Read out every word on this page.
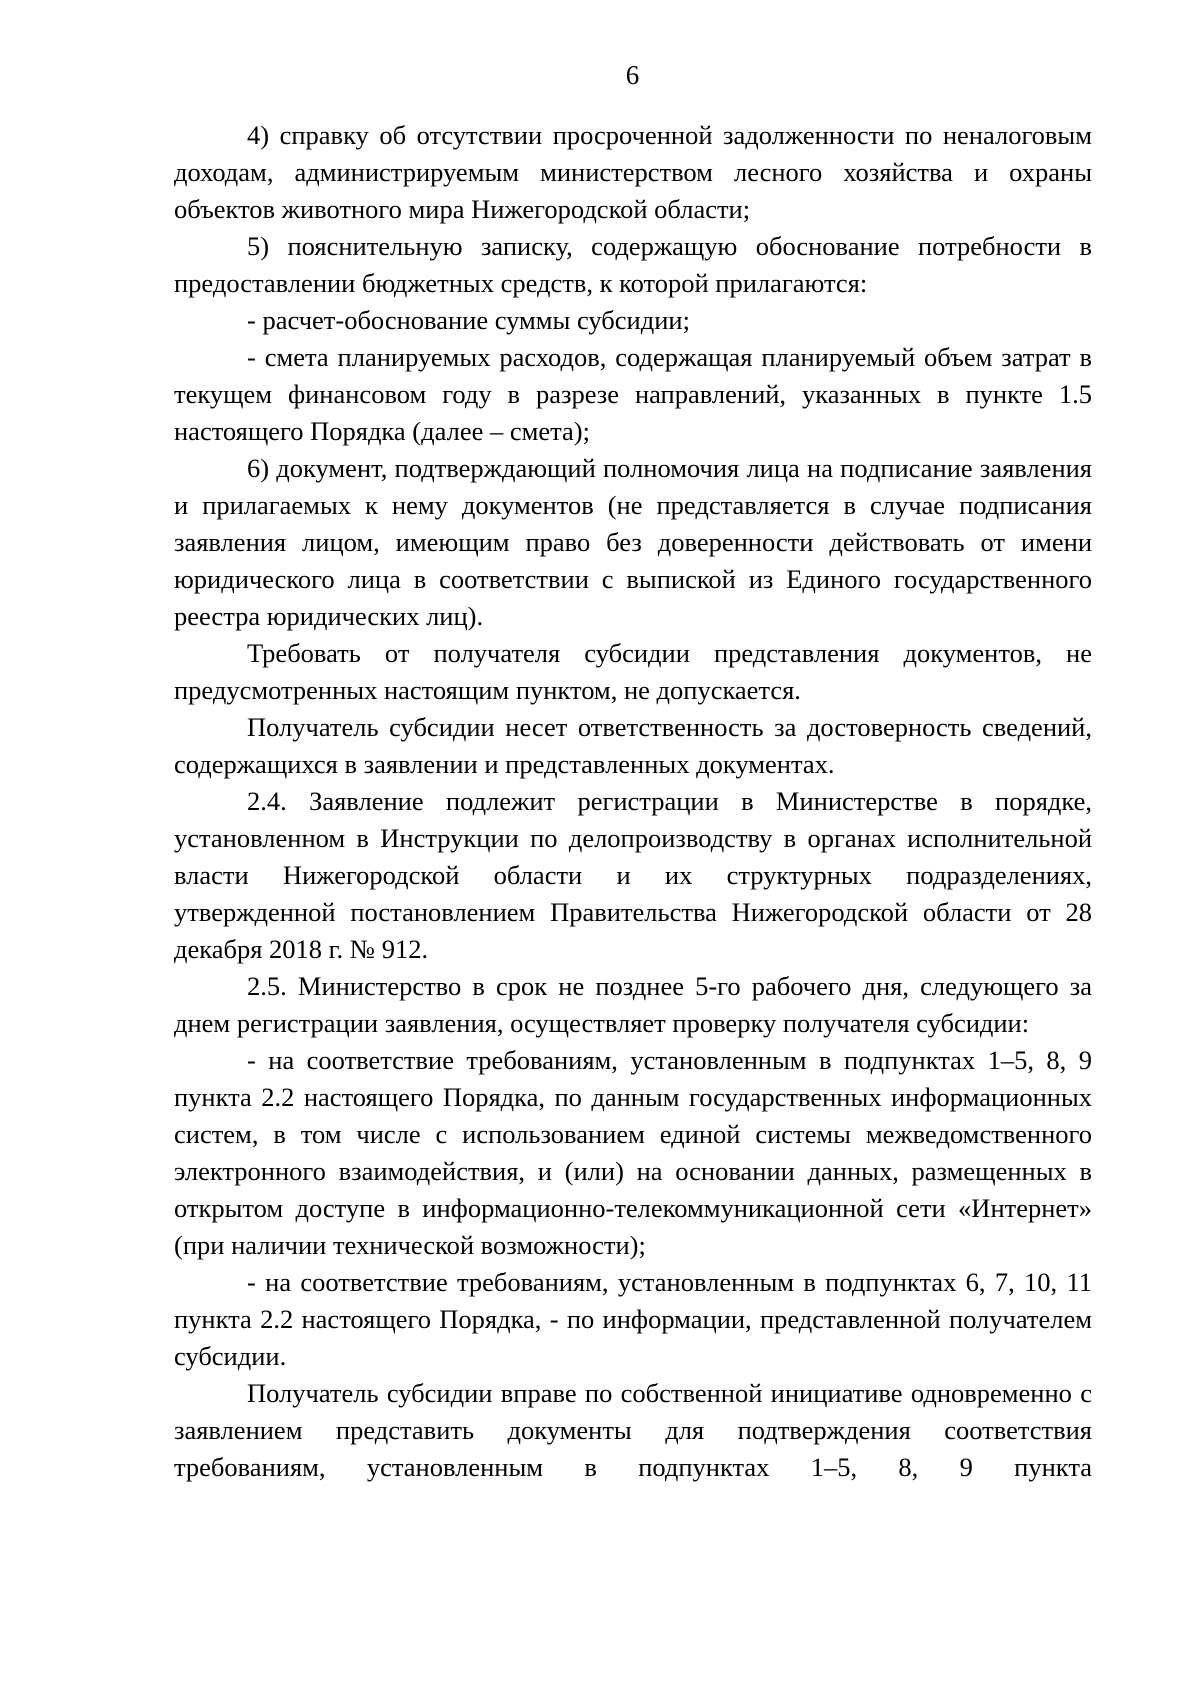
6

4) справку об отсутствии просроченной задолженности по неналоговым доходам, администрируемым министерством лесного хозяйства и охраны объектов животного мира Нижегородской области;

5) пояснительную записку, содержащую обоснование потребности в предоставлении бюджетных средств, к которой прилагаются:

- расчет-обоснование суммы субсидии;

- смета планируемых расходов, содержащая планируемый объем затрат в текущем финансовом году в разрезе направлений, указанных в пункте 1.5 настоящего Порядка (далее – смета);

6) документ, подтверждающий полномочия лица на подписание заявления и прилагаемых к нему документов (не представляется в случае подписания заявления лицом, имеющим право без доверенности действовать от имени юридического лица в соответствии с выпиской из Единого государственного реестра юридических лиц).

Требовать от получателя субсидии представления документов, не предусмотренных настоящим пунктом, не допускается.

Получатель субсидии несет ответственность за достоверность сведений, содержащихся в заявлении и представленных документах.

2.4. Заявление подлежит регистрации в Министерстве в порядке, установленном в Инструкции по делопроизводству в органах исполнительной власти Нижегородской области и их структурных подразделениях, утвержденной постановлением Правительства Нижегородской области от 28 декабря 2018 г. № 912.

2.5. Министерство в срок не позднее 5-го рабочего дня, следующего за днем регистрации заявления, осуществляет проверку получателя субсидии:

- на соответствие требованиям, установленным в подпунктах 1–5, 8, 9 пункта 2.2 настоящего Порядка, по данным государственных информационных систем, в том числе с использованием единой системы межведомственного электронного взаимодействия, и (или) на основании данных, размещенных в открытом доступе в информационно-телекоммуникационной сети «Интернет» (при наличии технической возможности);

- на соответствие требованиям, установленным в подпунктах 6, 7, 10, 11 пункта 2.2 настоящего Порядка, - по информации, представленной получателем субсидии.

Получатель субсидии вправе по собственной инициативе одновременно с заявлением представить документы для подтверждения соответствия требованиям, установленным в подпунктах 1–5, 8, 9 пункта
